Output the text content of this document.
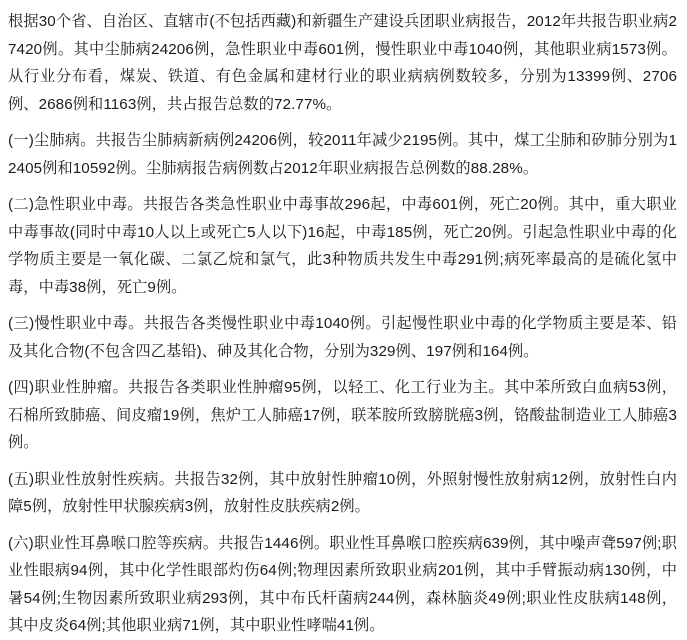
根据30个省、自治区、直辖市(不包括西藏)和新疆生产建设兵团职业病报告，2012年共报告职业病27420例。其中尘肺病24206例，急性职业中毒601例，慢性职业中毒1040例，其他职业病1573例。从行业分布看，煤炭、铁道、有色金属和建材行业的职业病病例数较多，分别为13399例、2706例、2686例和1163例，共占报告总数的72.77%。

(一)尘肺病。共报告尘肺病新病例24206例，较2011年减少2195例。其中，煤工尘肺和矽肺分别为12405例和10592例。尘肺病报告病例数占2012年职业病报告总例数的88.28%。

(二)急性职业中毒。共报告各类急性职业中毒事故296起，中毒601例，死亡20例。其中，重大职业中毒事故(同时中毒10人以上或死亡5人以下)16起，中毒185例，死亡20例。引起急性职业中毒的化学物质主要是一氧化碳、二氯乙烷和氯气，此3种物质共发生中毒291例;病死率最高的是硫化氢中毒，中毒38例，死亡9例。

(三)慢性职业中毒。共报告各类慢性职业中毒1040例。引起慢性职业中毒的化学物质主要是苯、铅及其化合物(不包含四乙基铅)、砷及其化合物，分别为329例、197例和164例。

(四)职业性肿瘤。共报告各类职业性肿瘤95例，以轻工、化工行业为主。其中苯所致白血病53例，石棉所致肺癌、间皮瘤19例，焦炉工人肺癌17例，联苯胺所致膀胱癌3例，铬酸盐制造业工人肺癌3例。

(五)职业性放射性疾病。共报告32例，其中放射性肿瘤10例，外照射慢性放射病12例，放射性白内障5例，放射性甲状腺疾病3例，放射性皮肤疾病2例。

(六)职业性耳鼻喉口腔等疾病。共报告1446例。职业性耳鼻喉口腔疾病639例，其中噪声聋597例;职业性眼病94例，其中化学性眼部灼伤64例;物理因素所致职业病201例，其中手臂振动病130例，中暑54例;生物因素所致职业病293例，其中布氏杆菌病244例，森林脑炎49例;职业性皮肤病148例，其中皮炎64例;其他职业病71例，其中职业性哮喘41例。
